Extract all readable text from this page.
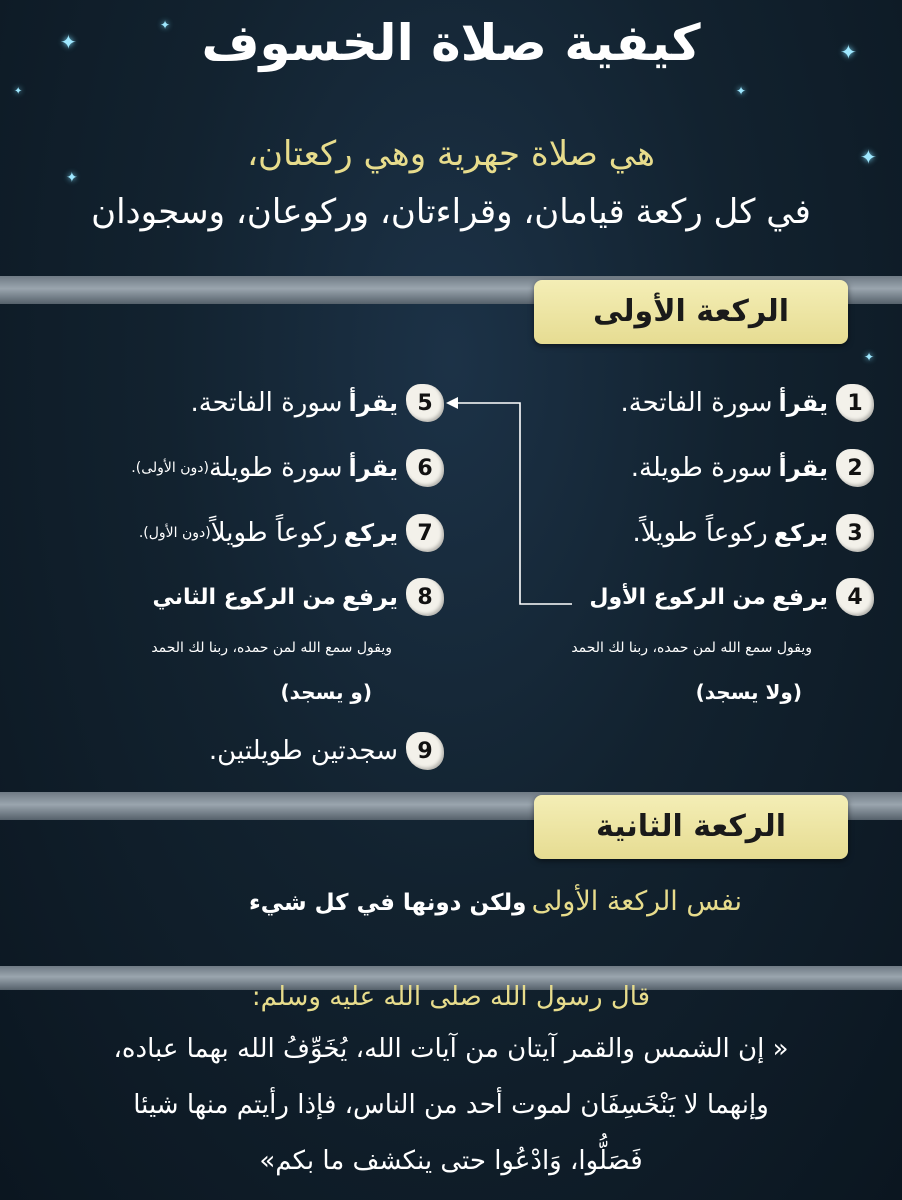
✦
✦
✦
✦
✦
✦
✦
✦
كيفية صلاة الخسوف
هي صلاة جهرية وهي ركعتان،
في كل ركعة قيامان، وقراءتان، وركوعان، وسجودان
الركعة الأولى
1
يقرأ
سورة الفاتحة.
2
يقرأ
سورة طويلة.
3
يركع
ركوعاً طويلاً.
4
يرفع
من الركوع الأول
ويقول سمع الله لمن حمده، ربنا لك الحمد
(ولا يسجد)
5
يقرأ
سورة الفاتحة.
6
يقرأ
سورة طويلة
(دون الأولى).
7
يركع
ركوعاً طويلاً
(دون الأول).
8
يرفع
من الركوع الثاني
ويقول سمع الله لمن حمده، ربنا لك الحمد
(و يسجد)
9
سجدتين طويلتين.
الركعة الثانية
نفس الركعة الأولى ولكن دونها في كل شيء
قال رسول الله صلى الله عليه وسلم:
« إن الشمس والقمر آيتان من آيات الله، يُخَوِّفُ الله بهما عباده،
وإنهما لا يَنْخَسِفَان لموت أحد من الناس، فإذا رأيتم منها شيئا
فَصَلُّوا، وَادْعُوا حتى ينكشف ما بكم»
